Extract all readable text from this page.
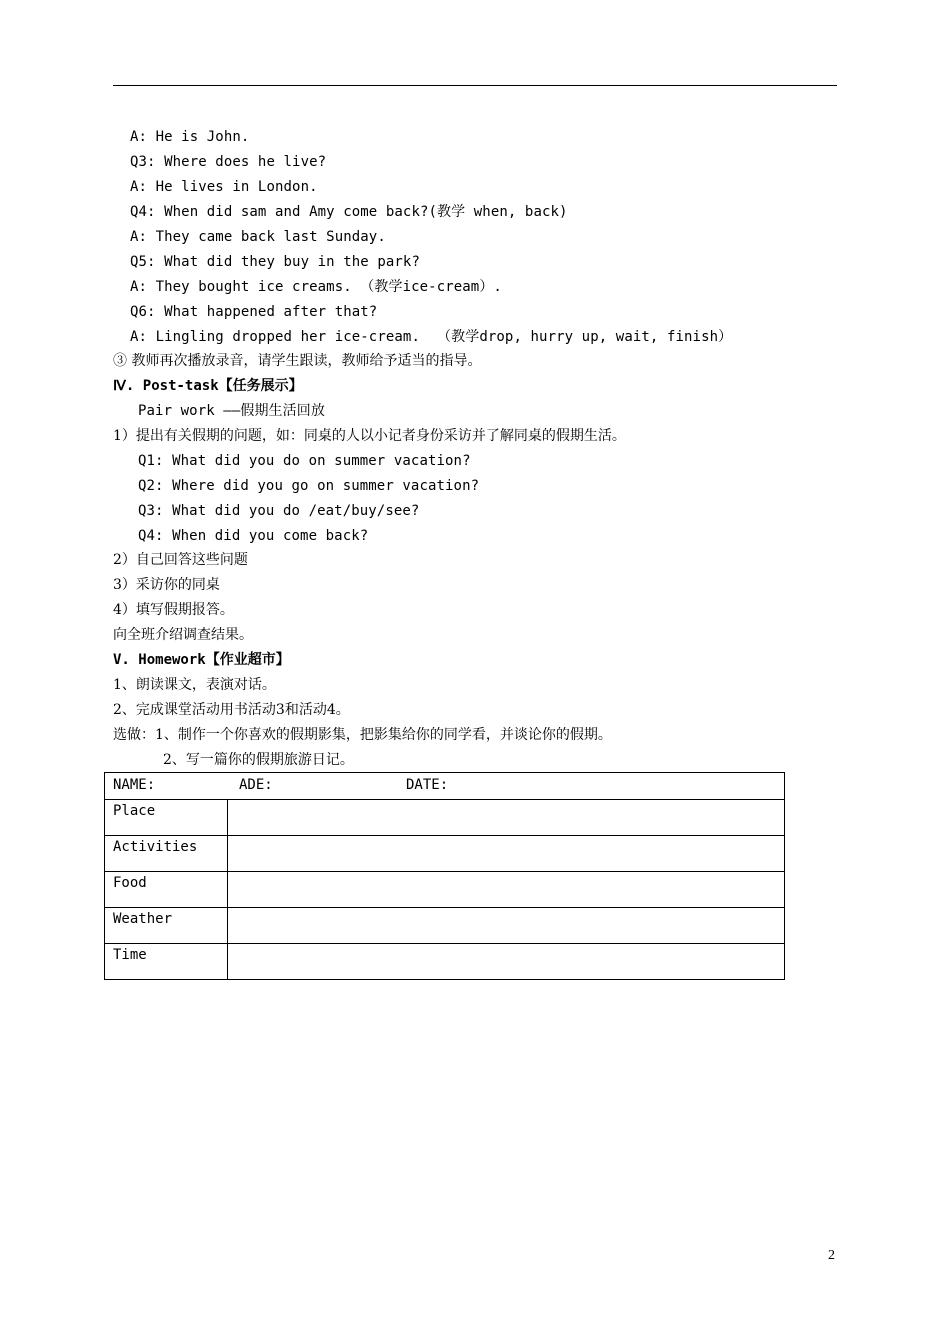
A: He is John.
Q3: Where does he live?
A: He lives in London.
Q4: When did sam and Amy come back?(教学 when, back)
A: They came back last Sunday.
Q5: What did they buy in the park?
A: They bought ice creams. （教学ice-cream）.
Q6: What happened after that?
A: Lingling dropped her ice-cream.  （教学drop, hurry up, wait, finish）
③ 教师再次播放录音，请学生跟读，教师给予适当的指导。
Ⅳ. Post-task【任务展示】
Pair work ——假期生活回放
1）提出有关假期的问题，如：同桌的人以小记者身份采访并了解同桌的假期生活。
Q1: What did you do on summer vacation?
Q2: Where did you go on summer vacation?
Q3: What did you do /eat/buy/see?
Q4: When did you come back?
2）自己回答这些问题
3）采访你的同桌
4）填写假期报答。
向全班介绍调查结果。
V. Homework【作业超市】
1、朗读课文，表演对话。
2、完成课堂活动用书活动3和活动4。
选做：1、制作一个你喜欢的假期影集，把影集给你的同学看，并谈论你的假期。
2、写一篇你的假期旅游日记。
NAME: ADE: DATE:	
Place	
Activities	
Food	
Weather	
Time	
2
